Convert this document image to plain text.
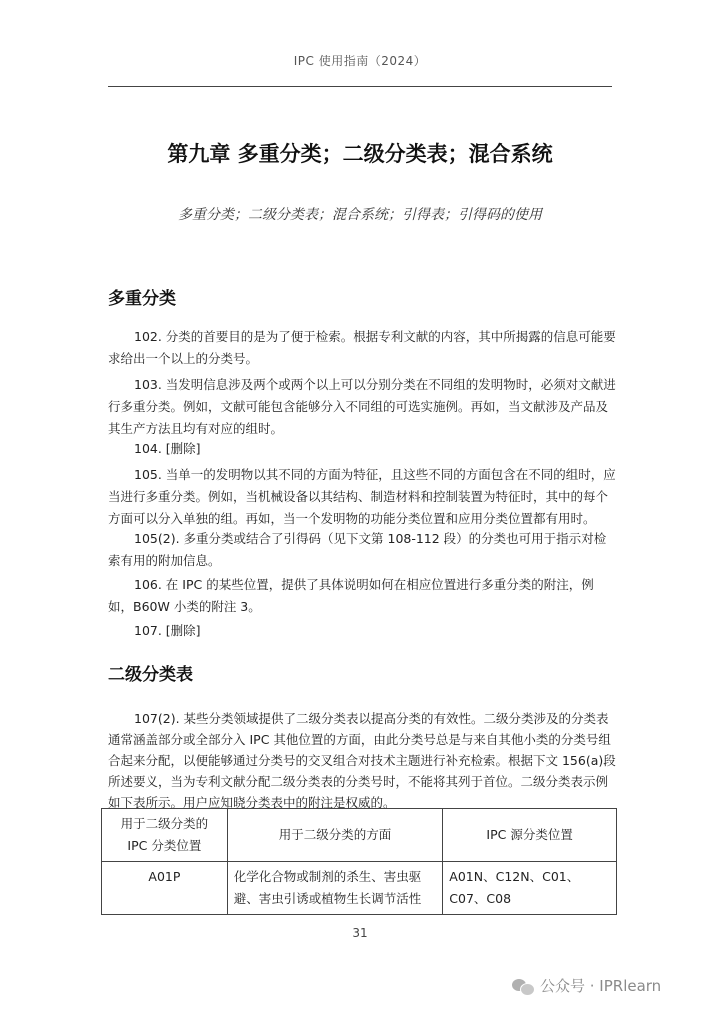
IPC 使用指南（2024）
第九章 多重分类；二级分类表；混合系统
多重分类；二级分类表；混合系统；引得表；引得码的使用
多重分类

102. 分类的首要目的是为了便于检索。根据专利文献的内容，其中所揭露的信息可能要求给出一个以上的分类号。

103. 当发明信息涉及两个或两个以上可以分别分类在不同组的发明物时，必须对文献进行多重分类。例如，文献可能包含能够分入不同组的可选实施例。再如，当文献涉及产品及其生产方法且均有对应的组时。

104. [删除]

105. 当单一的发明物以其不同的方面为特征，且这些不同的方面包含在不同的组时，应当进行多重分类。例如，当机械设备以其结构、制造材料和控制装置为特征时，其中的每个方面可以分入单独的组。再如，当一个发明物的功能分类位置和应用分类位置都有用时。

105(2). 多重分类或结合了引得码（见下文第 108-112 段）的分类也可用于指示对检索有用的附加信息。

106. 在 IPC 的某些位置，提供了具体说明如何在相应位置进行多重分类的附注，例如，B60W 小类的附注 3。

107. [删除]

二级分类表

107(2). 某些分类领域提供了二级分类表以提高分类的有效性。二级分类涉及的分类表通常涵盖部分或全部分入 IPC 其他位置的方面，由此分类号总是与来自其他小类的分类号组合起来分配，以便能够通过分类号的交叉组合对技术主题进行补充检索。根据下文 156(a)段所述要义，当为专利文献分配二级分类表的分类号时，不能将其列于首位。二级分类表示例如下表所示。用户应知晓分类表中的附注是权威的。

用于二级分类的
IPC 分类位置	用于二级分类的方面	IPC 源分类位置
A01P	化学化合物或制剂的杀生、害虫驱避、害虫引诱或植物生长调节活性	A01N、C12N、C01、C07、C08
31
公众号 · IPRlearn
